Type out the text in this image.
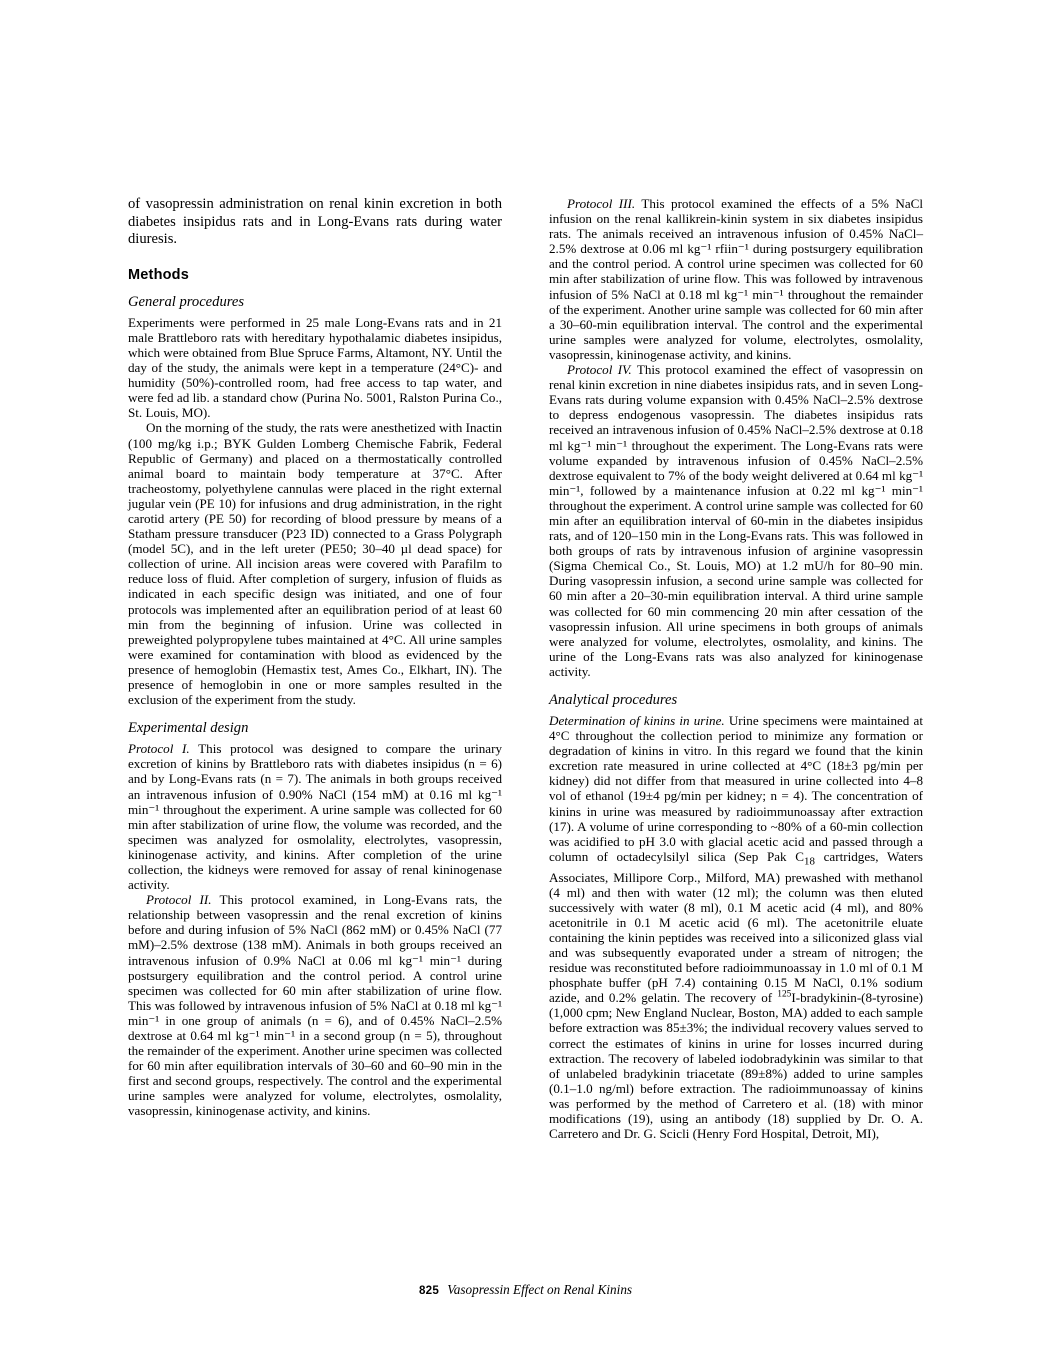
of vasopressin administration on renal kinin excretion in both diabetes insipidus rats and in Long-Evans rats during water diuresis.

Methods
General procedures

Experiments were performed in 25 male Long-Evans rats and in 21 male Brattleboro rats with hereditary hypothalamic diabetes insipidus, which were obtained from Blue Spruce Farms, Altamont, NY. Until the day of the study, the animals were kept in a temperature (24°C)- and humidity (50%)-controlled room, had free access to tap water, and were fed ad lib. a standard chow (Purina No. 5001, Ralston Purina Co., St. Louis, MO).

On the morning of the study, the rats were anesthetized with Inactin (100 mg/kg i.p.; BYK Gulden Lomberg Chemische Fabrik, Federal Republic of Germany) and placed on a thermostatically controlled animal board to maintain body temperature at 37°C. After tracheostomy, polyethylene cannulas were placed in the right external jugular vein (PE 10) for infusions and drug administration, in the right carotid artery (PE 50) for recording of blood pressure by means of a Statham pressure transducer (P23 ID) connected to a Grass Polygraph (model 5C), and in the left ureter (PE50; 30–40 µl dead space) for collection of urine. All incision areas were covered with Parafilm to reduce loss of fluid. After completion of surgery, infusion of fluids as indicated in each specific design was initiated, and one of four protocols was implemented after an equilibration period of at least 60 min from the beginning of infusion. Urine was collected in preweighted polypropylene tubes maintained at 4°C. All urine samples were examined for contamination with blood as evidenced by the presence of hemoglobin (Hemastix test, Ames Co., Elkhart, IN). The presence of hemoglobin in one or more samples resulted in the exclusion of the experiment from the study.

Experimental design

Protocol I. This protocol was designed to compare the urinary excretion of kinins by Brattleboro rats with diabetes insipidus (n = 6) and by Long-Evans rats (n = 7). The animals in both groups received an intravenous infusion of 0.90% NaCl (154 mM) at 0.16 ml kg⁻¹ min⁻¹ throughout the experiment. A urine sample was collected for 60 min after stabilization of urine flow, the volume was recorded, and the specimen was analyzed for osmolality, electrolytes, vasopressin, kininogenase activity, and kinins. After completion of the urine collection, the kidneys were removed for assay of renal kininogenase activity.

Protocol II. This protocol examined, in Long-Evans rats, the relationship between vasopressin and the renal excretion of kinins before and during infusion of 5% NaCl (862 mM) or 0.45% NaCl (77 mM)–2.5% dextrose (138 mM). Animals in both groups received an intravenous infusion of 0.9% NaCl at 0.06 ml kg⁻¹ min⁻¹ during postsurgery equilibration and the control period. A control urine specimen was collected for 60 min after stabilization of urine flow. This was followed by intravenous infusion of 5% NaCl at 0.18 ml kg⁻¹ min⁻¹ in one group of animals (n = 6), and of 0.45% NaCl–2.5% dextrose at 0.64 ml kg⁻¹ min⁻¹ in a second group (n = 5), throughout the remainder of the experiment. Another urine specimen was collected for 60 min after equilibration intervals of 30–60 and 60–90 min in the first and second groups, respectively. The control and the experimental urine samples were analyzed for volume, electrolytes, osmolality, vasopressin, kininogenase activity, and kinins.

Protocol III. This protocol examined the effects of a 5% NaCl infusion on the renal kallikrein-kinin system in six diabetes insipidus rats. The animals received an intravenous infusion of 0.45% NaCl–2.5% dextrose at 0.06 ml kg⁻¹ rfiin⁻¹ during postsurgery equilibration and the control period. A control urine specimen was collected for 60 min after stabilization of urine flow. This was followed by intravenous infusion of 5% NaCl at 0.18 ml kg⁻¹ min⁻¹ throughout the remainder of the experiment. Another urine sample was collected for 60 min after a 30–60-min equilibration interval. The control and the experimental urine samples were analyzed for volume, electrolytes, osmolality, vasopressin, kininogenase activity, and kinins.

Protocol IV. This protocol examined the effect of vasopressin on renal kinin excretion in nine diabetes insipidus rats, and in seven Long-Evans rats during volume expansion with 0.45% NaCl–2.5% dextrose to depress endogenous vasopressin. The diabetes insipidus rats received an intravenous infusion of 0.45% NaCl–2.5% dextrose at 0.18 ml kg⁻¹ min⁻¹ throughout the experiment. The Long-Evans rats were volume expanded by intravenous infusion of 0.45% NaCl–2.5% dextrose equivalent to 7% of the body weight delivered at 0.64 ml kg⁻¹ min⁻¹, followed by a maintenance infusion at 0.22 ml kg⁻¹ min⁻¹ throughout the experiment. A control urine sample was collected for 60 min after an equilibration interval of 60-min in the diabetes insipidus rats, and of 120–150 min in the Long-Evans rats. This was followed in both groups of rats by intravenous infusion of arginine vasopressin (Sigma Chemical Co., St. Louis, MO) at 1.2 mU/h for 80–90 min. During vasopressin infusion, a second urine sample was collected for 60 min after a 20–30-min equilibration interval. A third urine sample was collected for 60 min commencing 20 min after cessation of the vasopressin infusion. All urine specimens in both groups of animals were analyzed for volume, electrolytes, osmolality, and kinins. The urine of the Long-Evans rats was also analyzed for kininogenase activity.

Analytical procedures

Determination of kinins in urine. Urine specimens were maintained at 4°C throughout the collection period to minimize any formation or degradation of kinins in vitro. In this regard we found that the kinin excretion rate measured in urine collected at 4°C (18±3 pg/min per kidney) did not differ from that measured in urine collected into 4–8 vol of ethanol (19±4 pg/min per kidney; n = 4). The concentration of kinins in urine was measured by radioimmunoassay after extraction (17). A volume of urine corresponding to ~80% of a 60-min collection was acidified to pH 3.0 with glacial acetic acid and passed through a column of octadecylsilyl silica (Sep Pak $C_{18}$ cartridges, Waters Associates, Millipore Corp., Milford, MA) prewashed with methanol (4 ml) and then with water (12 ml); the column was then eluted successively with water (8 ml), 0.1 M acetic acid (4 ml), and 80% acetonitrile in 0.1 M acetic acid (6 ml). The acetonitrile eluate containing the kinin peptides was received into a siliconized glass vial and was subsequently evaporated under a stream of nitrogen; the residue was reconstituted before radioimmunoassay in 1.0 ml of 0.1 M phosphate buffer (pH 7.4) containing 0.15 M NaCl, 0.1% sodium azide, and 0.2% gelatin. The recovery of $^{125}$I-bradykinin-(8-tyrosine) (1,000 cpm; New England Nuclear, Boston, MA) added to each sample before extraction was 85±3%; the individual recovery values served to correct the estimates of kinins in urine for losses incurred during extraction. The recovery of labeled iodobradykinin was similar to that of unlabeled bradykinin triacetate (89±8%) added to urine samples (0.1–1.0 ng/ml) before extraction. The radioimmunoassay of kinins was performed by the method of Carretero et al. (18) with minor modifications (19), using an antibody (18) supplied by Dr. O. A. Carretero and Dr. G. Scicli (Henry Ford Hospital, Detroit, MI),

825 Vasopressin Effect on Renal Kinins
